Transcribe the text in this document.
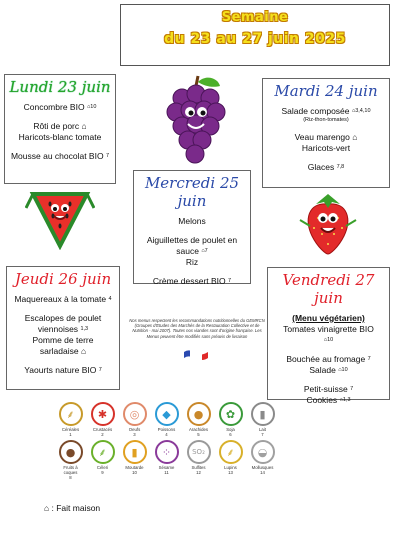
Semaine
du 23 au 27 juin 2025
Lundi 23 juin
Concombre BIO $^{⌂10}$
Rôti de porc ⌂
Haricots-blanc tomate
Mousse au chocolat BIO $^7$
Mardi 24 juin
Salade composée $^{⌂3,4,10}$
(Riz-thon-tomates)
Veau marengo ⌂
Haricots-vert
Glaces $^{7,8}$
Mercredi 25 juin
Melons
Aiguillettes de poulet en
sauce $^{⌂7}$
Riz
Crème dessert BIO $^7$
Jeudi 26 juin
Maquereaux à la tomate $^4$
Escalopes de poulet
viennoises $^{1,3}$
Pomme de terre
sarladaise ⌂
Yaourts nature BIO $^7$
Vendredi 27 juin
(Menu végétarien)
Tomates vinaigrette BIO
$^{⌂10}$
Bouchée au fromage $^7$
Salade $^{⌂10}$
Petit-suisse $^7$
Cookies $^{⌂1,3}$
Nos menus respectent les recommandations nutritionnelles du GEMRCN (Groupes d'Etudes des Marchés de la Restauration Collective et de Nutrition - mai 2007). Toutes nos viandes sont d'origine française. Les Menus peuvent être modifiés sans préavis de livraison
⸙
Céréales
1
✱
Crustacés
2
◎
Oeufs
3
◆
Poissons
4
●
Arachides
5
✿
Soja
6
▮
Lait
7
●
Fruits à coques
8
⸙
Céleri
9
▮
Moutarde
10
⁘
Sésame
11
SO₂
Sulfites
12
⸙
Lupins
13
◒
Mollusques
14
⌂ : Fait maison
